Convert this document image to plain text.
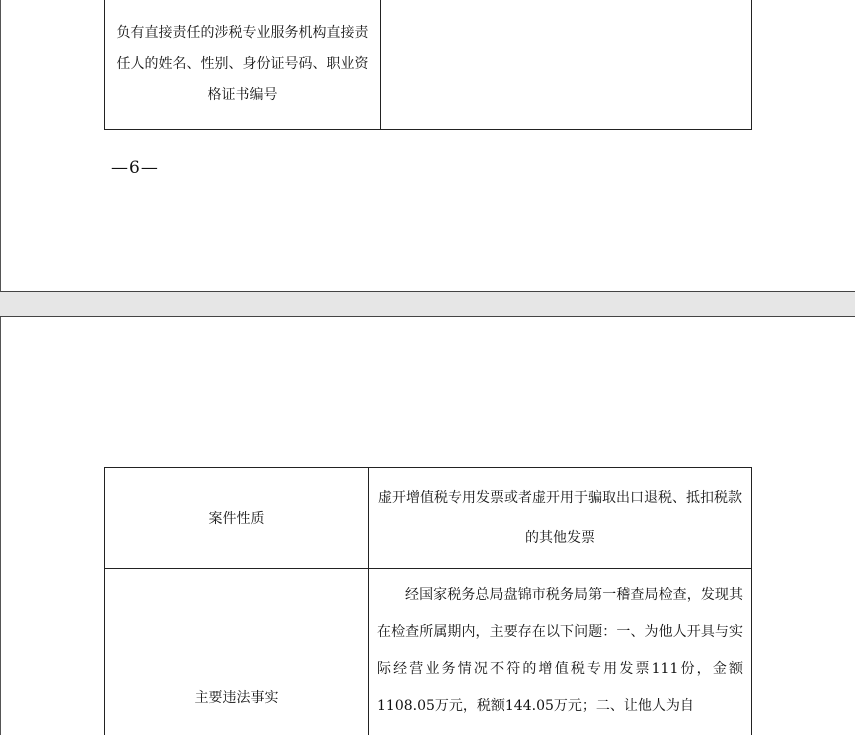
负有直接责任的涉税专业服务机构直接责任人的姓名、性别、身份证号码、职业资格证书编号	
—6—
案件性质	虚开增值税专用发票或者虚开用于骗取出口退税、抵扣税款的其他发票
主要违法事实	经国家税务总局盘锦市税务局第一稽查局检查，发现其在检查所属期内，主要存在以下问题：一、为他人开具与实际经营业务情况不符的增值税专用发票111份，金额1108.05万元，税额144.05万元；二、让他人为自
